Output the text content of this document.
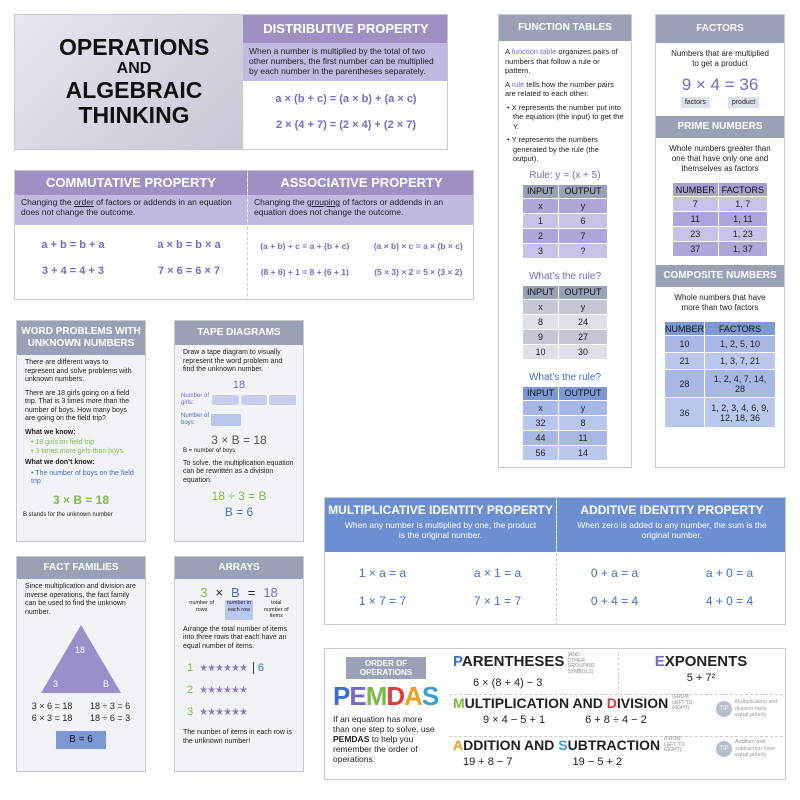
OPERATIONS
AND
ALGEBRAIC
THINKING
DISTRIBUTIVE PROPERTY
When a number is multiplied by the total of two other numbers, the first number can be multiplied by each number in the parentheses separately.
a × (b + c) = (a × b) + (a × c)
2 × (4 + 7) = (2 × 4) + (2 × 7)
COMMUTATIVE PROPERTY
Changing the order of factors or addends in an equation does not change the outcome.
a + b = b + a	a × b = b × a
3 + 4 = 4 + 3	7 × 6 = 6 × 7
ASSOCIATIVE PROPERTY
Changing the grouping of factors or addends in an equation does not change the outcome.
(a + b) + c = a + (b + c)	(a × b) × c = a × (b × c)
(8 + 6) + 1 = 8 + (6 + 1)	(5 × 3) × 2 = 5 × (3 × 2)
FUNCTION TABLES

A function table organizes pairs of numbers that follow a rule or pattern.

A rule tells how the number pairs are related to each other.

• X represents the number put into the equation (the input) to get the Y.

• Y represents the numbers generated by the rule (the output).

Rule: y = (x + 5)
INPUT	OUTPUT
x	y
1	6
2	7
3	?
What’s the rule?
INPUT	OUTPUT
x	y
8	24
9	27
10	30
What’s the rule?
INPUT	OUTPUT
x	y
32	8
44	11
56	14
FACTORS
Numbers that are multiplied to get a product
9 × 4 = 36
factors	product
PRIME NUMBERS
Whole numbers greater than one that have only one and themselves as factors
NUMBER	FACTORS
7	1, 7
11	1, 11
23	1, 23
37	1, 37
COMPOSITE NUMBERS
Whole numbers that have more than two factors
NUMBER	FACTORS
10	1, 2, 5, 10
21	1, 3, 7, 21
28	1, 2, 4, 7, 14, 28
36	1, 2, 3, 4, 6, 9, 12, 18, 36
WORD PROBLEMS WITH UNKNOWN NUMBERS

There are different ways to represent and solve problems with unknown numbers.

There are 18 girls going on a field trip. That is 3 times more than the number of boys. How many boys are going on the field trip?

What we know:

• 18 girls on field trip

• 3 times more girls than boys

What we don’t know:

• The number of boys on the field trip

3 × B = 18
B stands for the unknown number
FACT FAMILIES
Since multiplication and division are inverse operations, the fact family can be used to find the unknown number.
18
3	B
3 × 6 = 18 18 ÷ 3 = 6
6 × 3 = 18 18 ÷ 6 = 3
B = 6
TAPE DIAGRAMS
Draw a tape diagram to visually represent the word problem and find the unknown number.
18
Number of girls:
Number of boys:
3 × B = 18
B = number of boys
To solve, the multiplication equation can be rewritten as a division equation.
18 ÷ 3 = B
B = 6
ARRAYS
3 × B = 18
number of rows
number in each row
total number of items
Arrange the total number of items into three rows that each have an equal number of items.
1 ★★★★★★	6
2 ★★★★★★
3 ★★★★★★
The number of items in each row is the unknown number!
MULTIPLICATIVE IDENTITY PROPERTY
When any number is multiplied by one, the product is the original number.
1 × a = a	a × 1 = a
1 × 7 = 7	7 × 1 = 7
ADDITIVE IDENTITY PROPERTY
When zero is added to any number, the sum is the original number.
0 + a = a	a + 0 = a
0 + 4 = 4	4 + 0 = 4
ORDER OF OPERATIONS
PEMDAS
If an equation has more than one step to solve, use PEMDAS to help you remember the order of operations.
PARENTHESES (AND OTHER GROUPING SYMBOLS)
6 × (8 + 4) − 3
EXPONENTS
5 + 7²
MULTIPLICATION AND DIVISION (FROM LEFT TO RIGHT)
9 × 4 − 5 + 1	6 + 8 ÷ 4 − 2
TIP
Multiplication and division have equal priority
ADDITION AND SUBTRACTION (FROM LEFT TO RIGHT)
19 + 8 − 7	19 − 5 + 2
TIP
Addition and subtraction have equal priority
